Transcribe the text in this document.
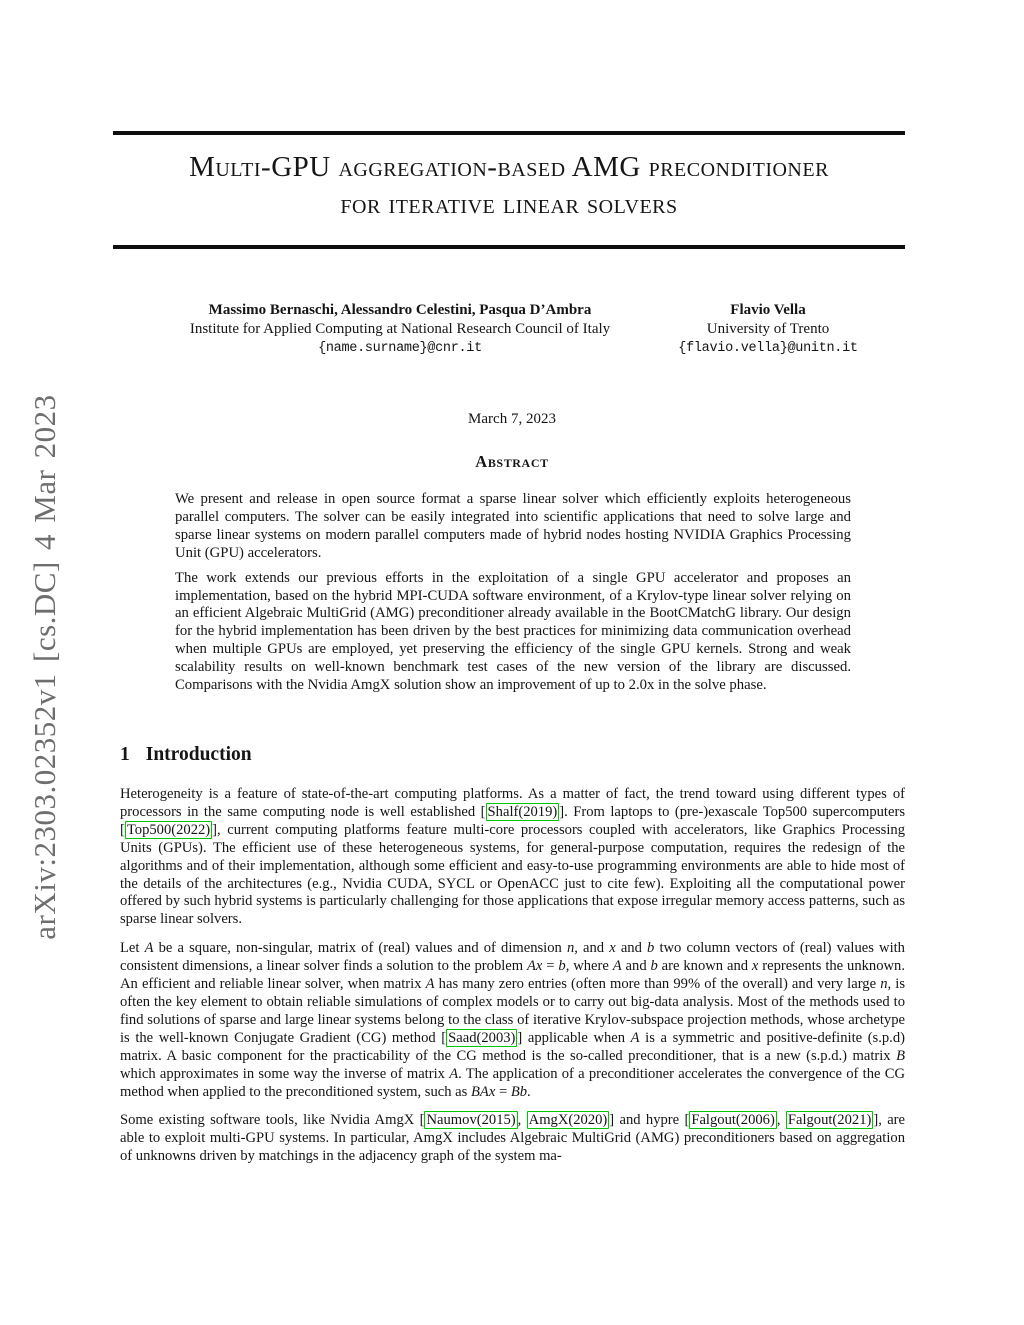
arXiv:2303.02352v1 [cs.DC] 4 Mar 2023
Multi-GPU aggregation-based AMG preconditioner
for iterative linear solvers
Massimo Bernaschi, Alessandro Celestini, Pasqua D’Ambra
Institute for Applied Computing at National Research Council of Italy
{name.surname}@cnr.it
Flavio Vella
University of Trento
{flavio.vella}@unitn.it
March 7, 2023
Abstract

We present and release in open source format a sparse linear solver which efficiently exploits heterogeneous parallel computers. The solver can be easily integrated into scientific applications that need to solve large and sparse linear systems on modern parallel computers made of hybrid nodes hosting NVIDIA Graphics Processing Unit (GPU) accelerators.

The work extends our previous efforts in the exploitation of a single GPU accelerator and proposes an implementation, based on the hybrid MPI-CUDA software environment, of a Krylov-type linear solver relying on an efficient Algebraic MultiGrid (AMG) preconditioner already available in the BootCMatchG library. Our design for the hybrid implementation has been driven by the best practices for minimizing data communication overhead when multiple GPUs are employed, yet preserving the efficiency of the single GPU kernels. Strong and weak scalability results on well-known benchmark test cases of the new version of the library are discussed. Comparisons with the Nvidia AmgX solution show an improvement of up to 2.0x in the solve phase.

1 Introduction

Heterogeneity is a feature of state-of-the-art computing platforms. As a matter of fact, the trend toward using different types of processors in the same computing node is well established [ Shalf(2019) ]. From laptops to (pre-)exascale Top500 supercomputers [ Top500(2022) ], current computing platforms feature multi-core processors coupled with accelerators, like Graphics Processing Units (GPUs). The efficient use of these heterogeneous systems, for general-purpose computation, requires the redesign of the algorithms and of their implementation, although some efficient and easy-to-use programming environments are able to hide most of the details of the architectures (e.g., Nvidia CUDA, SYCL or OpenACC just to cite few). Exploiting all the computational power offered by such hybrid systems is particularly challenging for those applications that expose irregular memory access patterns, such as sparse linear solvers.

Let A be a square, non-singular, matrix of (real) values and of dimension n, and x and b two column vectors of (real) values with consistent dimensions, a linear solver finds a solution to the problem Ax = b, where A and b are known and x represents the unknown. An efficient and reliable linear solver, when matrix A has many zero entries (often more than 99% of the overall) and very large n, is often the key element to obtain reliable simulations of complex models or to carry out big-data analysis. Most of the methods used to find solutions of sparse and large linear systems belong to the class of iterative Krylov-subspace projection methods, whose archetype is the well-known Conjugate Gradient (CG) method [ Saad(2003) ] applicable when A is a symmetric and positive-definite (s.p.d) matrix. A basic component for the practicability of the CG method is the so-called preconditioner, that is a new (s.p.d.) matrix B which approximates in some way the inverse of matrix A. The application of a preconditioner accelerates the convergence of the CG method when applied to the preconditioned system, such as BAx = Bb.

Some existing software tools, like Nvidia AmgX [ Naumov(2015) , AmgX(2020) ] and hypre [ Falgout(2006) , Falgout(2021) ], are able to exploit multi-GPU systems. In particular, AmgX includes Algebraic MultiGrid (AMG) preconditioners based on aggregation of unknowns driven by matchings in the adjacency graph of the system ma-
